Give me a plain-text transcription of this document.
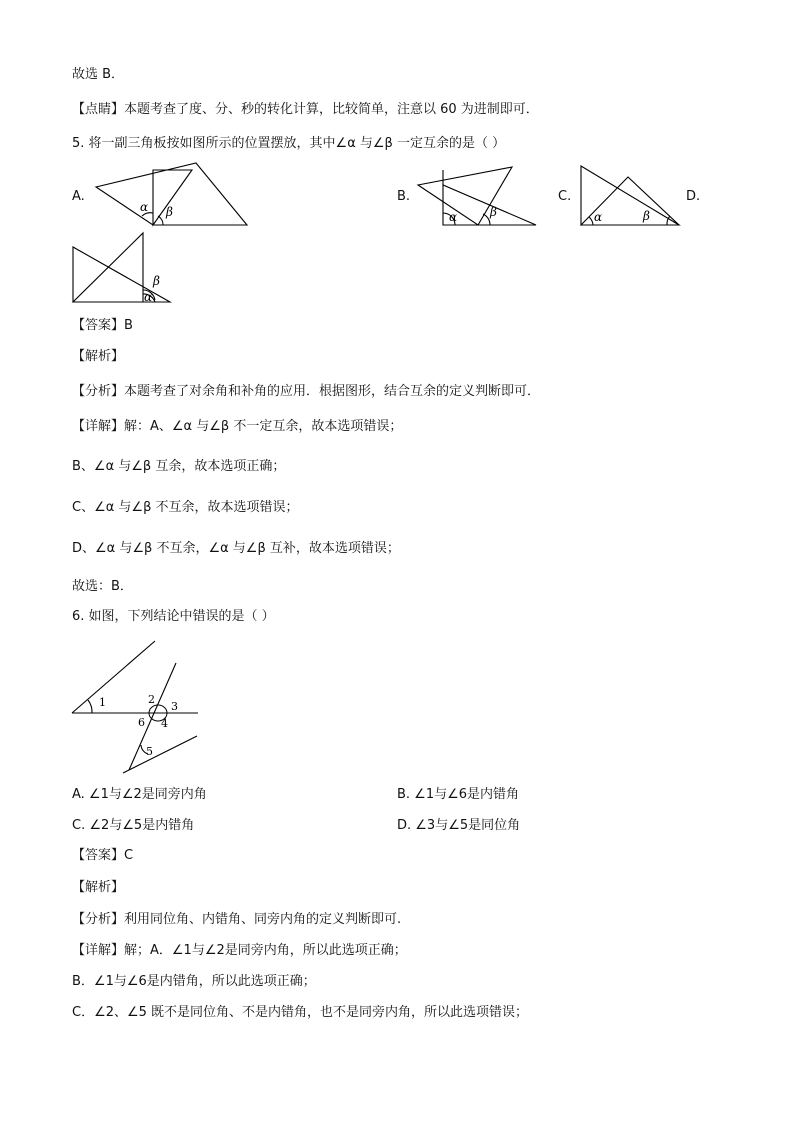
故选 B．
【点睛】本题考查了度、分、秒的转化计算，比较简单，注意以 60 为进制即可．
5. 将一副三角板按如图所示的位置摆放，其中∠α 与∠β 一定互余的是（ ）
A.	B.	C.	D.
α β	α	β	α	β
β
α
【答案】B
【解析】
【分析】本题考查了对余角和补角的应用．根据图形，结合互余的定义判断即可．
【详解】解：A、∠α 与∠β 不一定互余，故本选项错误；
B、∠α 与∠β 互余，故本选项正确；
C、∠α 与∠β 不互余，故本选项错误；
D、∠α 与∠β 不互余，∠α 与∠β 互补，故本选项错误；
故选：B．
6. 如图，下列结论中错误的是（ ）
1	2
3
4
5
6
A. ∠1与∠2是同旁内角	B. ∠1与∠6是内错角
C. ∠2与∠5是内错角	D. ∠3与∠5是同位角
【答案】C
【解析】
【分析】利用同位角、内错角、同旁内角的定义判断即可.
【详解】解；A．∠1与∠2是同旁内角，所以此选项正确；
B．∠1与∠6是内错角，所以此选项正确；
C．∠2、∠5 既不是同位角、不是内错角，也不是同旁内角，所以此选项错误；
